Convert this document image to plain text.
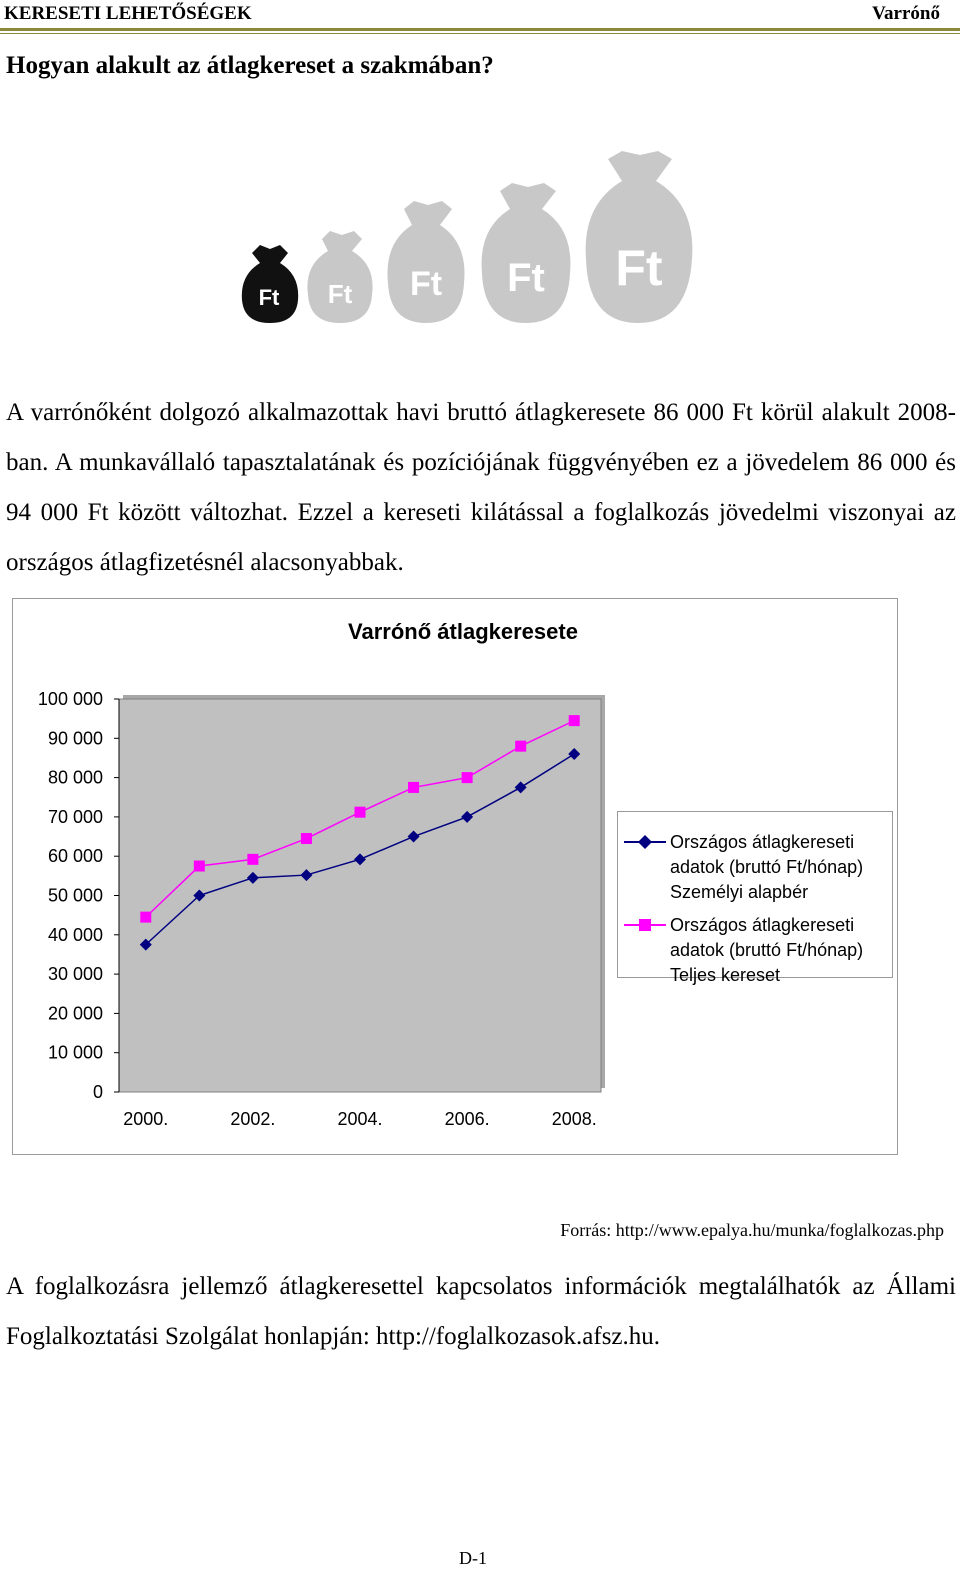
KERESETI LEHETŐSÉGEK	Varrónő
Hogyan alakult az átlagkereset a szakmában?
Ft Ft Ft Ft Ft
A varrónőként dolgozó alkalmazottak havi bruttó átlagkeresete 86 000 Ft körül alakult 2008-ban. A munkavállaló tapasztalatának és pozíciójának függvényében ez a jövedelem 86 000 és 94 000 Ft között változhat. Ezzel a kereseti kilátással a foglalkozás jövedelmi viszonyai az országos átlagfizetésnél alacsonyabbak.
Varrónő átlagkeresete
0
10 000
20 000
30 000
40 000
50 000
60 000
70 000
80 000
90 000
100 000
2000.	2002.	2004.	2006.	2008.
Országos átlagkereseti
adatok (bruttó Ft/hónap)
Személyi alapbér
Országos átlagkereseti
adatok (bruttó Ft/hónap)
Teljes kereset
Forrás: http://www.epalya.hu/munka/foglalkozas.php
A foglalkozásra jellemző átlagkeresettel kapcsolatos információk megtalálhatók az Állami Foglalkoztatási Szolgálat honlapján: http://foglalkozasok.afsz.hu.
D-1
